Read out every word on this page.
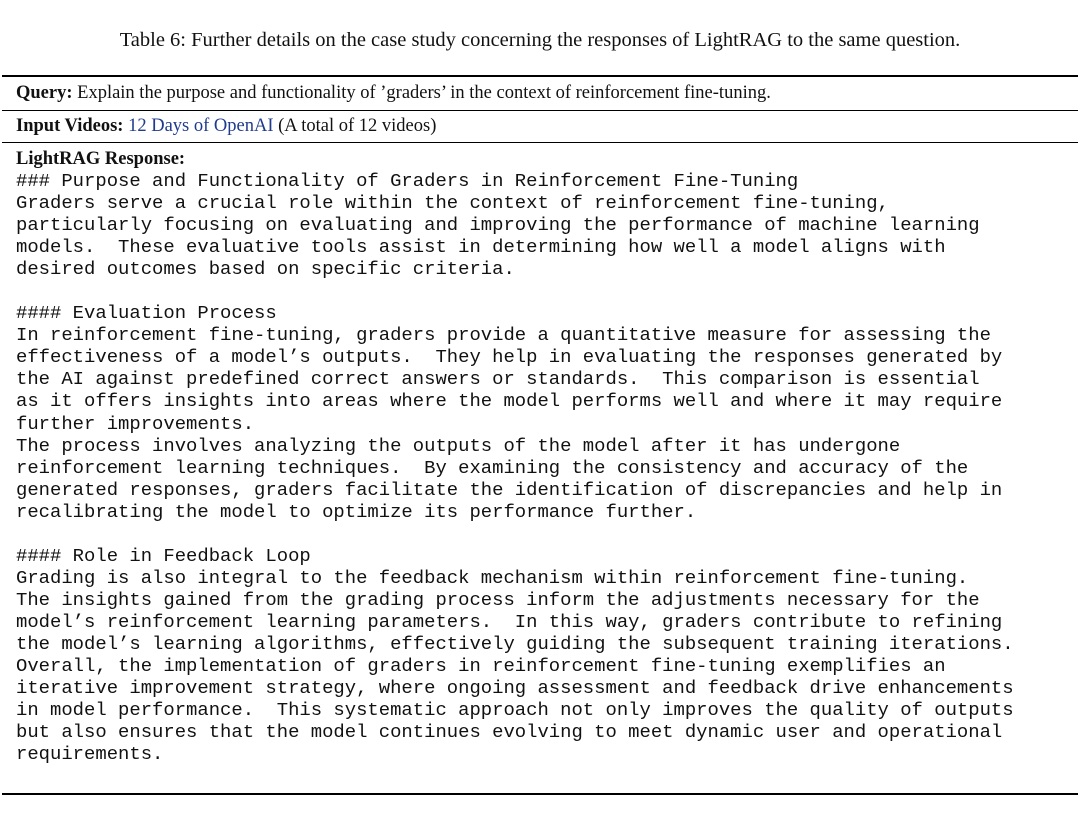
Table 6: Further details on the case study concerning the responses of LightRAG to the same question.
Query: Explain the purpose and functionality of ’graders’ in the context of reinforcement fine-tuning.
Input Videos: 12 Days of OpenAI (A total of 12 videos)
LightRAG Response:
### Purpose and Functionality of Graders in Reinforcement Fine-Tuning
Graders serve a crucial role within the context of reinforcement fine-tuning,
particularly focusing on evaluating and improving the performance of machine learning
models.  These evaluative tools assist in determining how well a model aligns with
desired outcomes based on specific criteria.

#### Evaluation Process
In reinforcement fine-tuning, graders provide a quantitative measure for assessing the
effectiveness of a model’s outputs.  They help in evaluating the responses generated by
the AI against predefined correct answers or standards.  This comparison is essential
as it offers insights into areas where the model performs well and where it may require
further improvements.
The process involves analyzing the outputs of the model after it has undergone
reinforcement learning techniques.  By examining the consistency and accuracy of the
generated responses, graders facilitate the identification of discrepancies and help in
recalibrating the model to optimize its performance further.

#### Role in Feedback Loop
Grading is also integral to the feedback mechanism within reinforcement fine-tuning.
The insights gained from the grading process inform the adjustments necessary for the
model’s reinforcement learning parameters.  In this way, graders contribute to refining
the model’s learning algorithms, effectively guiding the subsequent training iterations.
Overall, the implementation of graders in reinforcement fine-tuning exemplifies an
iterative improvement strategy, where ongoing assessment and feedback drive enhancements
in model performance.  This systematic approach not only improves the quality of outputs
but also ensures that the model continues evolving to meet dynamic user and operational
requirements.
